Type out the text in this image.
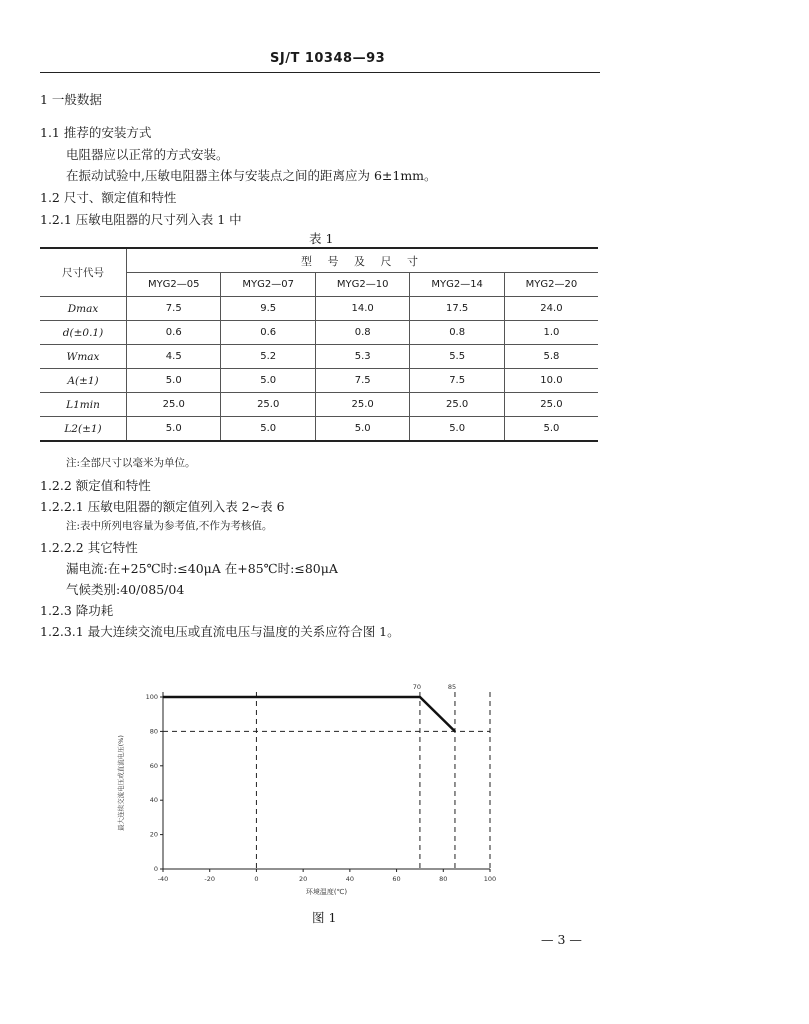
SJ/T 10348—93
1 一般数据
1.1 推荐的安装方式
电阻器应以正常的方式安装。
在振动试验中,压敏电阻器主体与安装点之间的距离应为 6±1mm。
1.2 尺寸、额定值和特性
1.2.1 压敏电阻器的尺寸列入表 1 中
表 1
尺寸代号	型 号 及 尺 寸				
	MYG2—05	MYG2—07	MYG2—10	MYG2—14	MYG2—20
Dmax	7.5	9.5	14.0	17.5	24.0
d(±0.1)	0.6	0.6	0.8	0.8	1.0
Wmax	4.5	5.2	5.3	5.5	5.8
A(±1)	5.0	5.0	7.5	7.5	10.0
L1min	25.0	25.0	25.0	25.0	25.0
L2(±1)	5.0	5.0	5.0	5.0	5.0
注:全部尺寸以毫米为单位。
1.2.2 额定值和特性
1.2.2.1 压敏电阻器的额定值列入表 2~表 6
注:表中所列电容量为参考值,不作为考核值。
1.2.2.2 其它特性
漏电流:在+25℃时:≤40μA 在+85℃时:≤80μA
气候类别:40/085/04
1.2.3 降功耗
1.2.3.1 最大连续交流电压或直流电压与温度的关系应符合图 1。
-40	-20	0	20	40	60	80	100
0
20
40
60
80
100
70	85
环境温度(℃)
最大连续交流电压或直流电压(%)
图 1
— 3 —
